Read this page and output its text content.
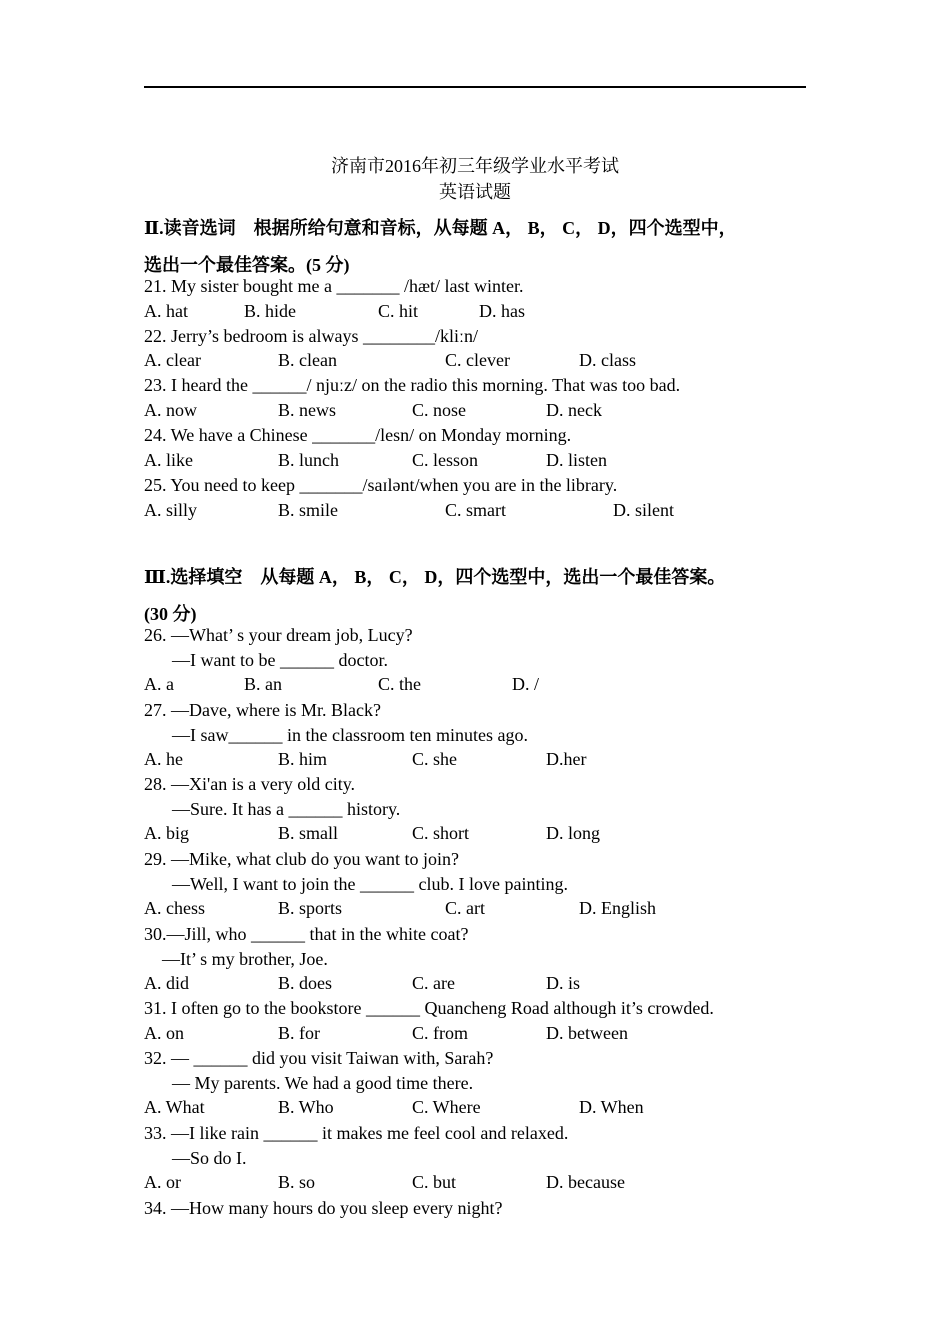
济南市2016年初三年级学业水平考试
英语试题
Ⅱ.读音选词　根据所给句意和音标，从每题 A， B， C， D，四个选型中，
选出一个最佳答案。(5 分)
21. My sister bought me a _______ /hæt/ last winter.
A. hat	B. hide	C. hit	D. has
22. Jerry’s bedroom is always ________/kliːn/
A. clear	B. clean	C. clever	D. class
23. I heard the ______/ njuːz/ on the radio this morning. That was too bad.
A. now	B. news	C. nose	D. neck
24. We have a Chinese _______/lesn/ on Monday morning.
A. like	B. lunch	C. lesson	D. listen
25. You need to keep _______/saɪlənt/when you are in the library.
A. silly	B. smile	C. smart	D. silent
Ⅲ.选择填空　从每题 A， B， C， D，四个选型中，选出一个最佳答案。
(30 分)
26. —What’ s your dream job, Lucy?
—I want to be ______ doctor.
A. a	B. an	C. the	D. /
27. —Dave, where is Mr. Black?
—I saw______ in the classroom ten minutes ago.
A. he	B. him	C. she	D.her
28. —Xi'an is a very old city.
—Sure. It has a ______ history.
A. big	B. small	C. short	D. long
29. —Mike, what club do you want to join?
—Well, I want to join the ______ club. I love painting.
A. chess	B. sports	C. art	D. English
30.—Jill, who ______ that in the white coat?
—It’ s my brother, Joe.
A. did	B. does	C. are	D. is
31. I often go to the bookstore ______ Quancheng Road although it’s crowded.
A. on	B. for	C. from	D. between
32. — ______ did you visit Taiwan with, Sarah?
— My parents. We had a good time there.
A. What	B. Who	C. Where	D. When
33. —I like rain ______ it makes me feel cool and relaxed.
—So do I.
A. or	B. so	C. but	D. because
34. —How many hours do you sleep every night?
